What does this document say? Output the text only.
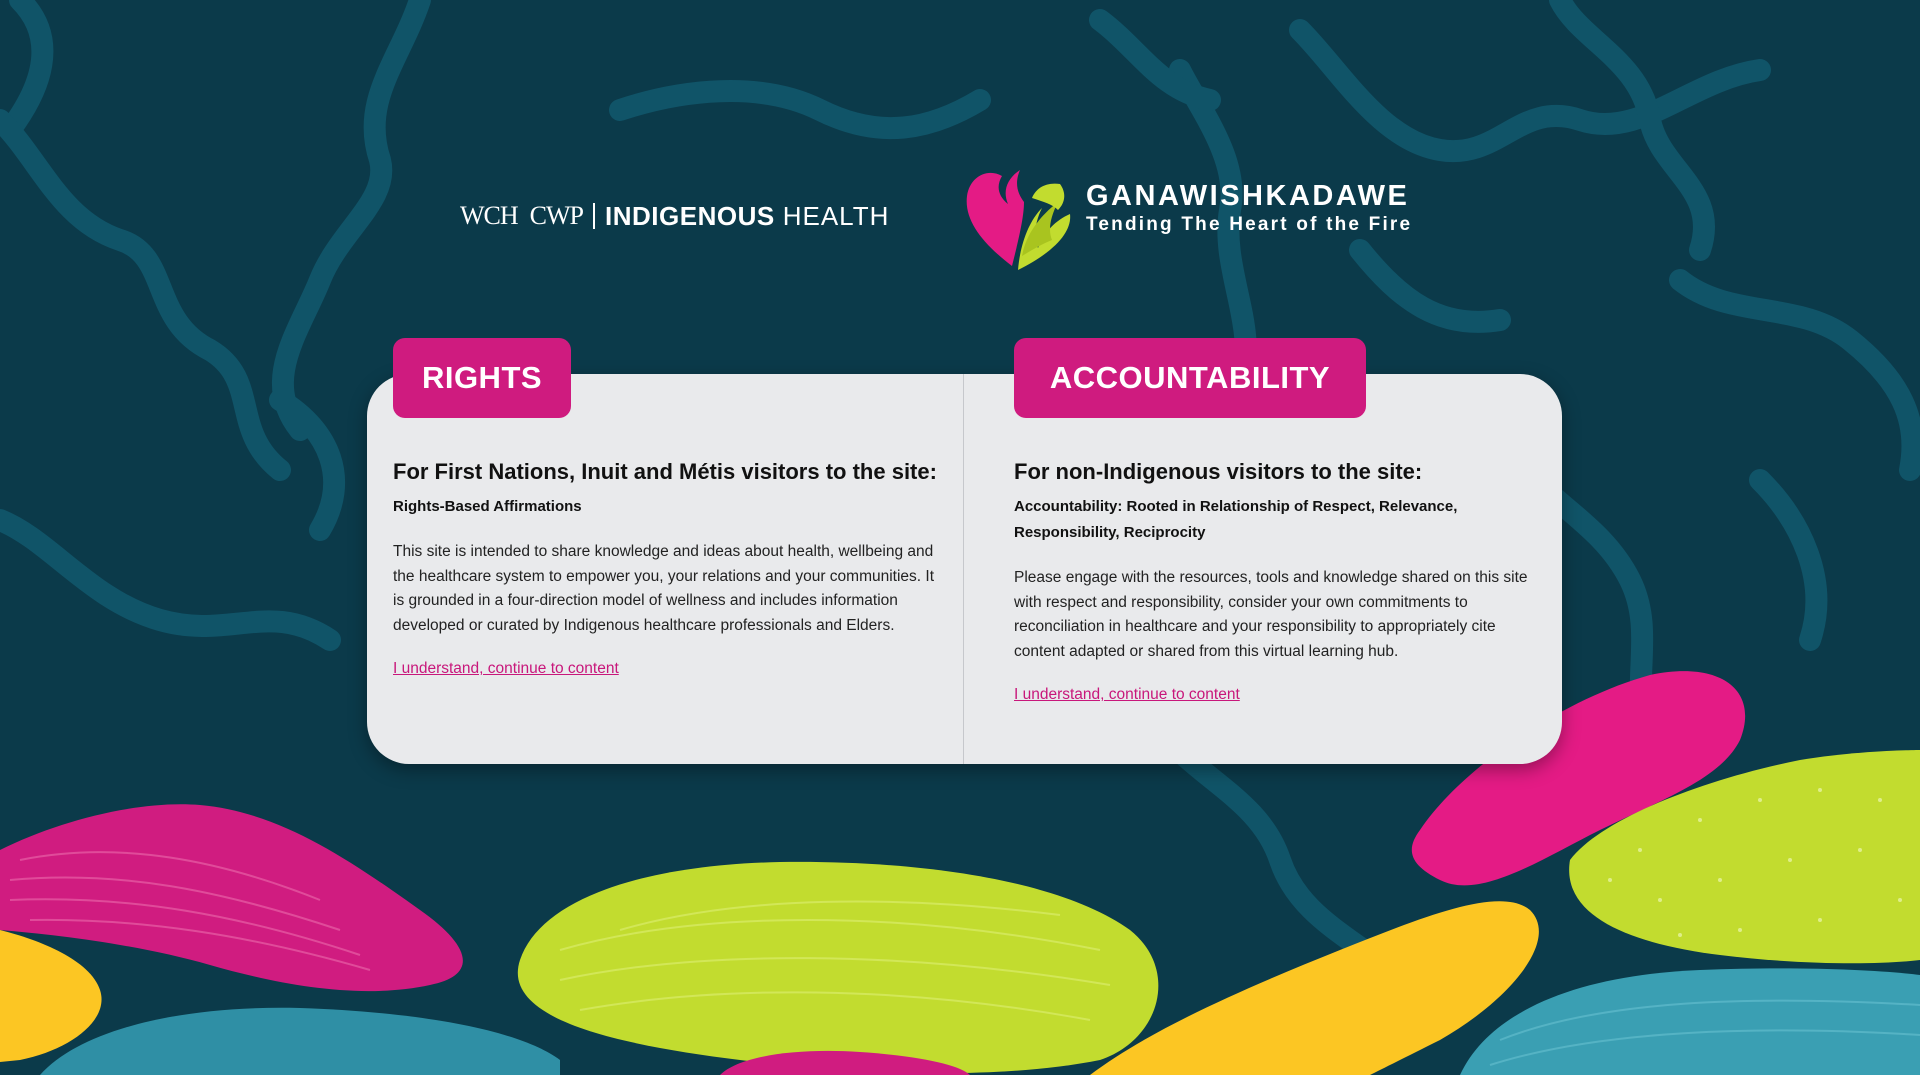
WCH CWP INDIGENOUS HEALTH
GANAWISHKADAWE
Tending The Heart of the Fire
For First Nations, Inuit and Métis visitors to the site:
Rights-Based Affirmations

This site is intended to share knowledge and ideas about health, wellbeing and the healthcare system to empower you, your relations and your communities. It is grounded in a four-direction model of wellness and includes information developed or curated by Indigenous healthcare professionals and Elders.

I understand, continue to content
For non-Indigenous visitors to the site:
Accountability: Rooted in Relationship of Respect, Relevance, Responsibility, Reciprocity

Please engage with the resources, tools and knowledge shared on this site with respect and responsibility, consider your own commitments to reconciliation in healthcare and your responsibility to appropriately cite content adapted or shared from this virtual learning hub.

I understand, continue to content
RIGHTS	ACCOUNTABILITY
